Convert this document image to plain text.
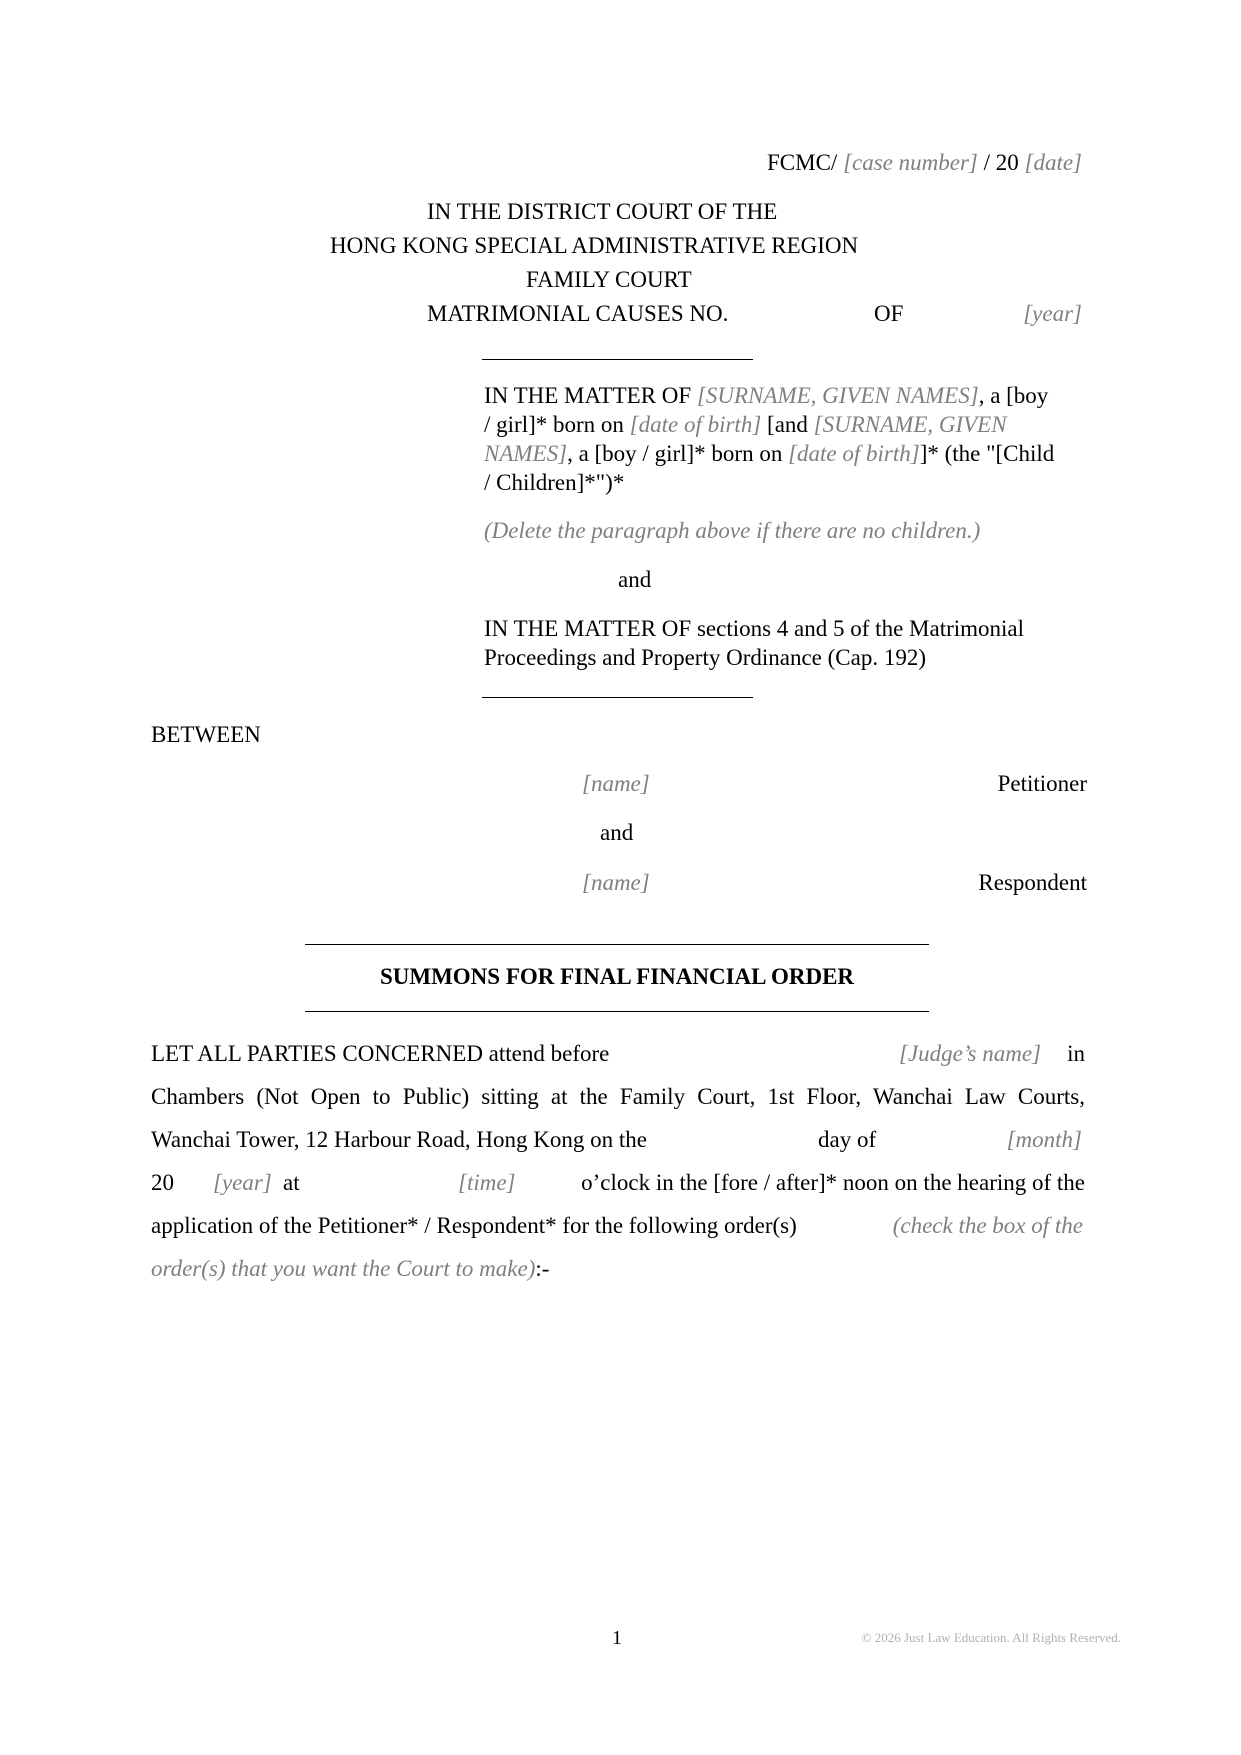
FCMC/ [case number] / 20 [date]
IN THE DISTRICT COURT OF THE
HONG KONG SPECIAL ADMINISTRATIVE REGION
FAMILY COURT
MATRIMONIAL CAUSES NO.	OF	[year]
IN THE MATTER OF [SURNAME, GIVEN NAMES], a [boy / girl]* born on [date of birth] [and [SURNAME, GIVEN NAMES], a [boy / girl]* born on [date of birth]]* (the "[Child / Children]*")*
(Delete the paragraph above if there are no children.)
and
IN THE MATTER OF sections 4 and 5 of the Matrimonial Proceedings and Property Ordinance (Cap. 192)
BETWEEN
[name]	Petitioner
and
[name]	Respondent
SUMMONS FOR FINAL FINANCIAL ORDER
LET ALL PARTIES CONCERNED attend before	[Judge’s name]	in
Chambers (Not Open to Public) sitting at the Family Court, 1st Floor, Wanchai Law Courts,
Wanchai Tower, 12 Harbour Road, Hong Kong on the	day of	[month]
20 [year] at	[time]	o’clock in the [fore / after]* noon on the hearing of the
application of the Petitioner* / Respondent* for the following order(s)	(check the box of the
order(s) that you want the Court to make):-
1	© 2026 Just Law Education. All Rights Reserved.
